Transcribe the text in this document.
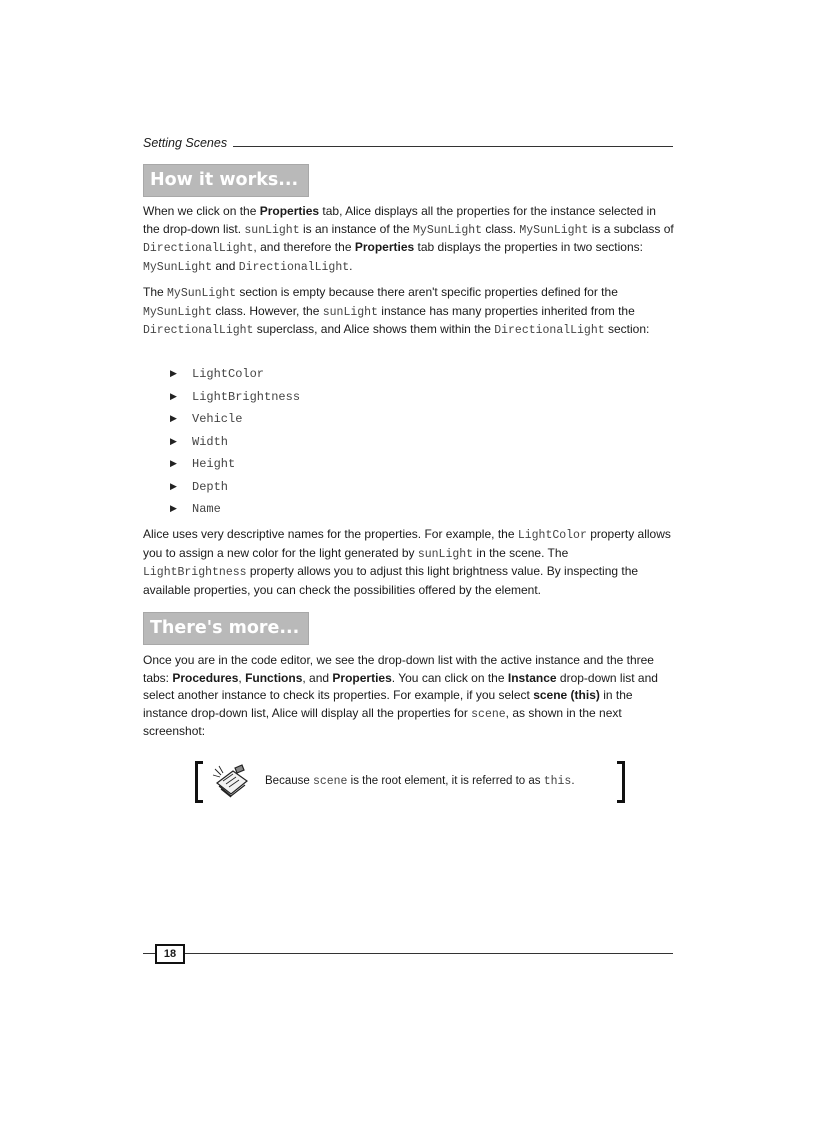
Setting Scenes
How it works...

When we click on the Properties tab, Alice displays all the properties for the instance selected in the drop-down list. sunLight is an instance of the MySunLight class. MySunLight is a subclass of DirectionalLight, and therefore the Properties tab displays the properties in two sections: MySunLight and DirectionalLight.

The MySunLight section is empty because there aren't specific properties defined for the MySunLight class. However, the sunLight instance has many properties inherited from the DirectionalLight superclass, and Alice shows them within the DirectionalLight section:

▶ LightColor
▶ LightBrightness
▶ Vehicle
▶ Width
▶ Height
▶ Depth
▶ Name

Alice uses very descriptive names for the properties. For example, the LightColor property allows you to assign a new color for the light generated by sunLight in the scene. The LightBrightness property allows you to adjust this light brightness value. By inspecting the available properties, you can check the possibilities offered by the element.

There's more...

Once you are in the code editor, we see the drop-down list with the active instance and the three tabs: Procedures, Functions, and Properties. You can click on the Instance drop-down list and select another instance to check its properties. For example, if you select scene (this) in the instance drop-down list, Alice will display all the properties for scene, as shown in the next screenshot:

Because scene is the root element, it is referred to as this.
18
